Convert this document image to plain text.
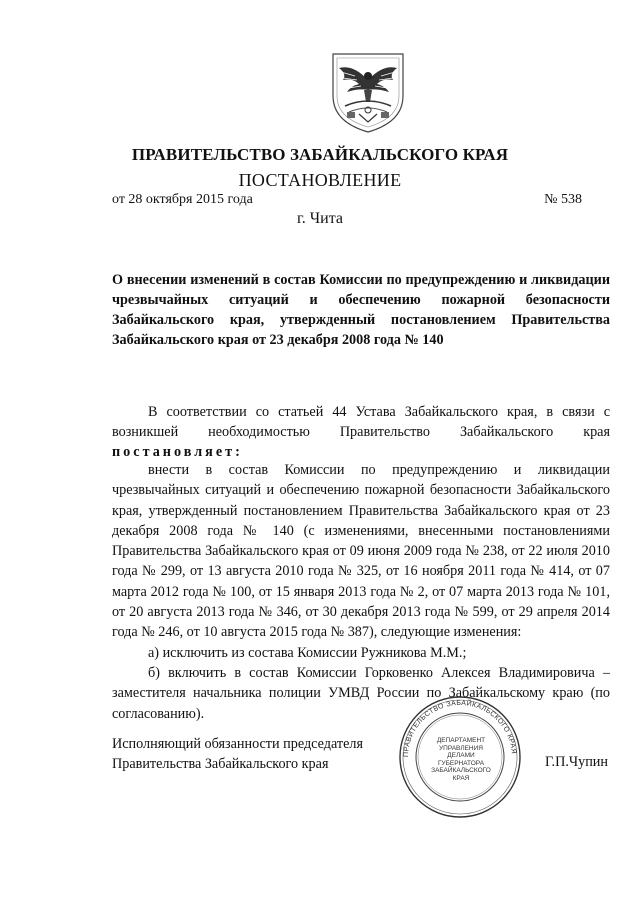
ПРАВИТЕЛЬСТВО ЗАБАЙКАЛЬСКОГО КРАЯ
ПОСТАНОВЛЕНИЕ
от 28 октября 2015 года	№ 538
г. Чита
О внесении изменений в состав Комиссии по предупреждению и ликвидации чрезвычайных ситуаций и обеспечению пожарной безопасности Забайкальского края, утвержденный постановлением Правительства Забайкальского края от 23 декабря 2008 года № 140
В соответствии со статьей 44 Устава Забайкальского края, в связи с возникшей необходимостью Правительство Забайкальского края постановляет:

внести в состав Комиссии по предупреждению и ликвидации чрезвычайных ситуаций и обеспечению пожарной безопасности Забайкальского края, утвержденный постановлением Правительства Забайкальского края от 23 декабря 2008 года № 140 (с изменениями, внесенными постановлениями Правительства Забайкальского края от 09 июня 2009 года № 238, от 22 июля 2010 года № 299, от 13 августа 2010 года № 325, от 16 ноября 2011 года № 414, от 07 марта 2012 года № 100, от 15 января 2013 года № 2, от 07 марта 2013 года № 101, от 20 августа 2013 года № 346, от 30 декабря 2013 года № 599, от 29 апреля 2014 года № 246, от 10 августа 2015 года № 387), следующие изменения:

а) исключить из состава Комиссии Ружникова М.М.;

б) включить в состав Комиссии Горковенко Алексея Владимировича – заместителя начальника полиции УМВД России по Забайкальскому краю (по согласованию).

Исполняющий обязанности председателя
Правительства Забайкальского края
ПРАВИТЕЛЬСТВО ЗАБАЙКАЛЬСКОГО КРАЯ
ДЕПАРТАМЕНТ
УПРАВЛЕНИЯ
ДЕЛАМИ
ГУБЕРНАТОРА
ЗАБАЙКАЛЬСКОГО
КРАЯ
Г.П.Чупин
